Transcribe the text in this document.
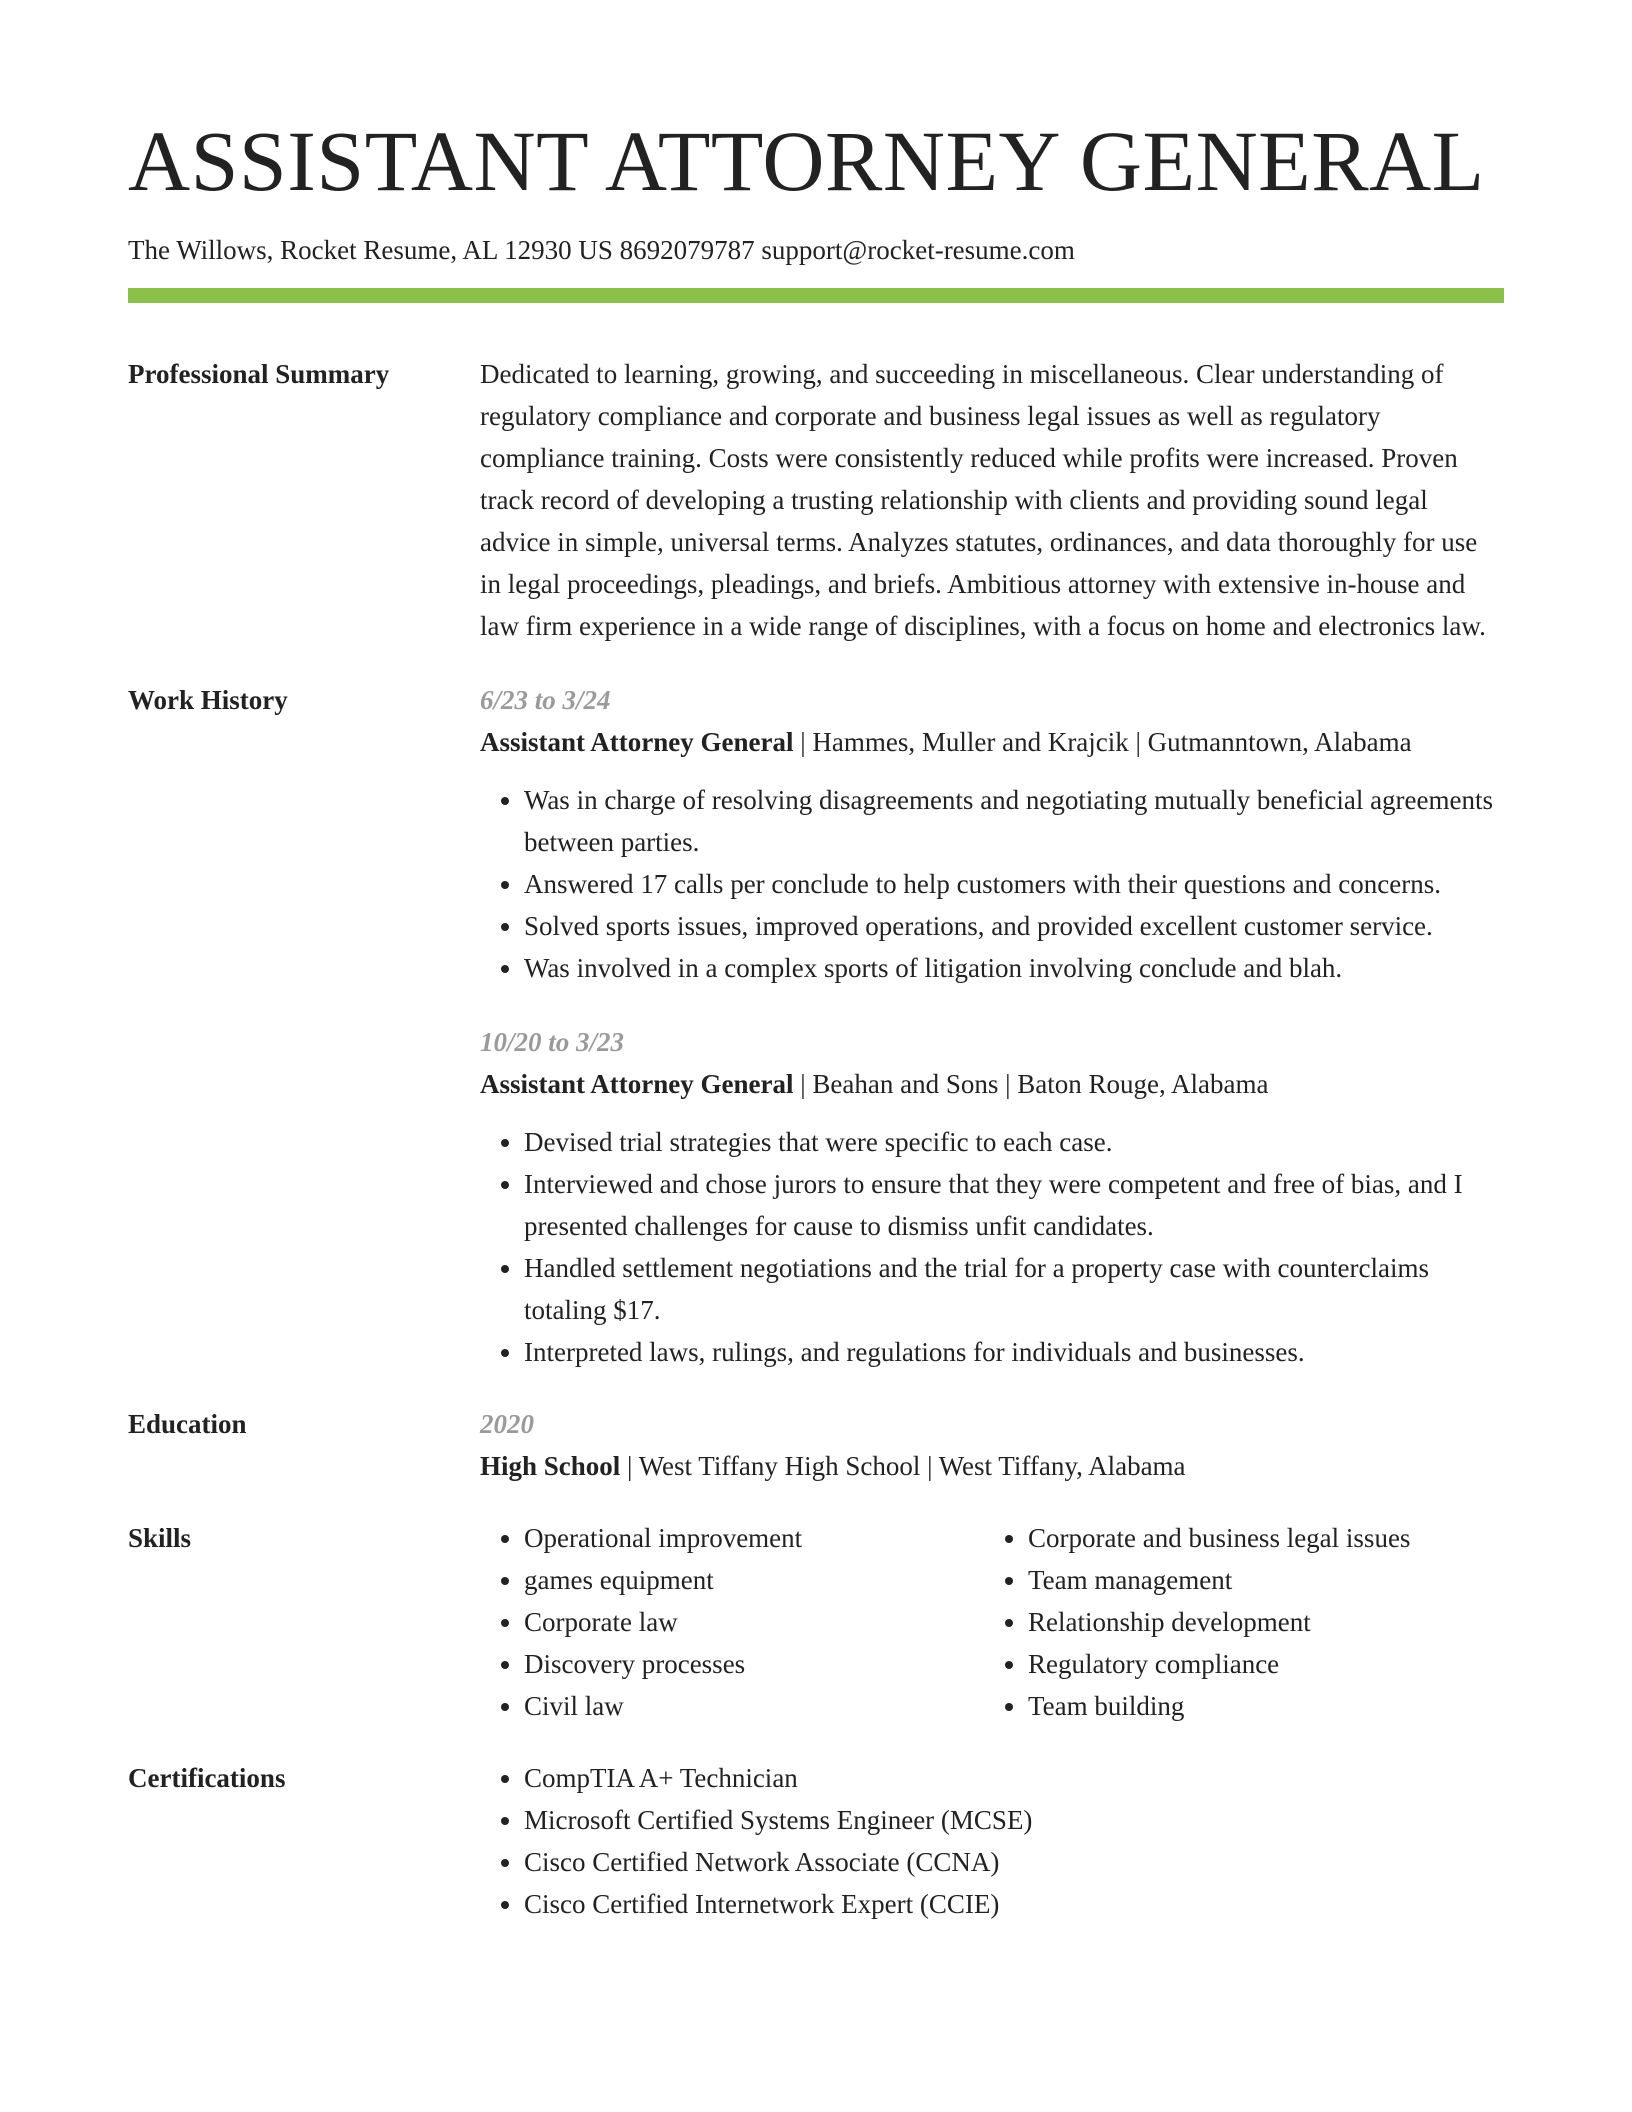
ASSISTANT ATTORNEY GENERAL
The Willows, Rocket Resume, AL 12930 US 8692079787 support@rocket-resume.com
Professional Summary	Dedicated to learning, growing, and succeeding in miscellaneous. Clear understanding of regulatory compliance and corporate and business legal issues as well as regulatory compliance training. Costs were consistently reduced while profits were increased. Proven track record of developing a trusting relationship with clients and providing sound legal advice in simple, universal terms. Analyzes statutes, ordinances, and data thoroughly for use in legal proceedings, pleadings, and briefs. Ambitious attorney with extensive in-house and law firm experience in a wide range of disciplines, with a focus on home and electronics law.
Work History	6/23 to 3/24
Assistant Attorney General | Hammes, Muller and Krajcik | Gutmanntown, Alabama
• Was in charge of resolving disagreements and negotiating mutually beneficial agreements between parties.
• Answered 17 calls per conclude to help customers with their questions and concerns.
• Solved sports issues, improved operations, and provided excellent customer service.
• Was involved in a complex sports of litigation involving conclude and blah.
10/20 to 3/23
Assistant Attorney General | Beahan and Sons | Baton Rouge, Alabama
• Devised trial strategies that were specific to each case.
• Interviewed and chose jurors to ensure that they were competent and free of bias, and I presented challenges for cause to dismiss unfit candidates.
• Handled settlement negotiations and the trial for a property case with counterclaims totaling $17.
• Interpreted laws, rulings, and regulations for individuals and businesses.
Education	2020
High School | West Tiffany High School | West Tiffany, Alabama
Skills	• Operational improvement
• games equipment
• Corporate law
• Discovery processes
• Civil law
• Corporate and business legal issues
• Team management
• Relationship development
• Regulatory compliance
• Team building
Certifications	• CompTIA A+ Technician
• Microsoft Certified Systems Engineer (MCSE)
• Cisco Certified Network Associate (CCNA)
• Cisco Certified Internetwork Expert (CCIE)
